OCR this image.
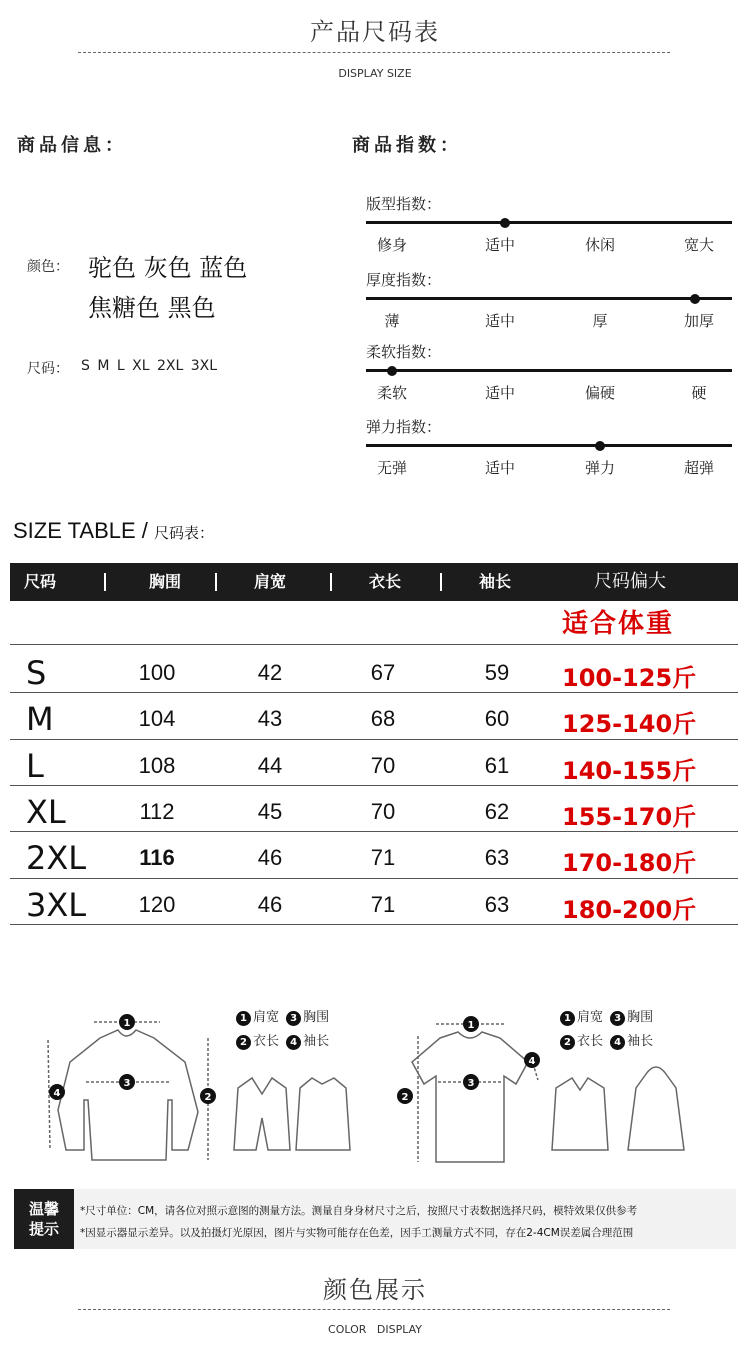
产品尺码表
DISPLAY SIZE
商品信息：
颜色： 驼色 灰色 蓝色
焦糖色 黑色
尺码： S M L XL 2XL 3XL
商品指数：
版型指数：
修身	适中	休闲	宽大
厚度指数：
薄	适中	厚	加厚
柔软指数：
柔软	适中	偏硬	硬
弹力指数：
无弹	适中	弹力	超弹
SIZE TABLE / 尺码表：
尺码	胸围	肩宽	衣长	袖长	尺码偏大
适合体重
S	100	42	67	59	100-125斤
M	104	43	68	60	125-140斤
L	108	44	70	61	140-155斤
XL	112	45	70	62	155-170斤
2XL	116	46	71	63	170-180斤
3XL	120	46	71	63	180-200斤
1
3
2
4
1
3
2
4
1 肩宽 3 胸围
2 衣长 4 袖长
1 肩宽 3 胸围
2 衣长 4 袖长
温馨
提示
*尺寸单位：CM，请各位对照示意图的测量方法。测量自身身材尺寸之后，按照尺寸表数据选择尺码，模特效果仅供参考
*因显示器显示差异。以及拍摄灯光原因，图片与实物可能存在色差，因手工测量方式不同，存在2-4CM误差属合理范围
颜色展示
COLOR   DISPLAY
